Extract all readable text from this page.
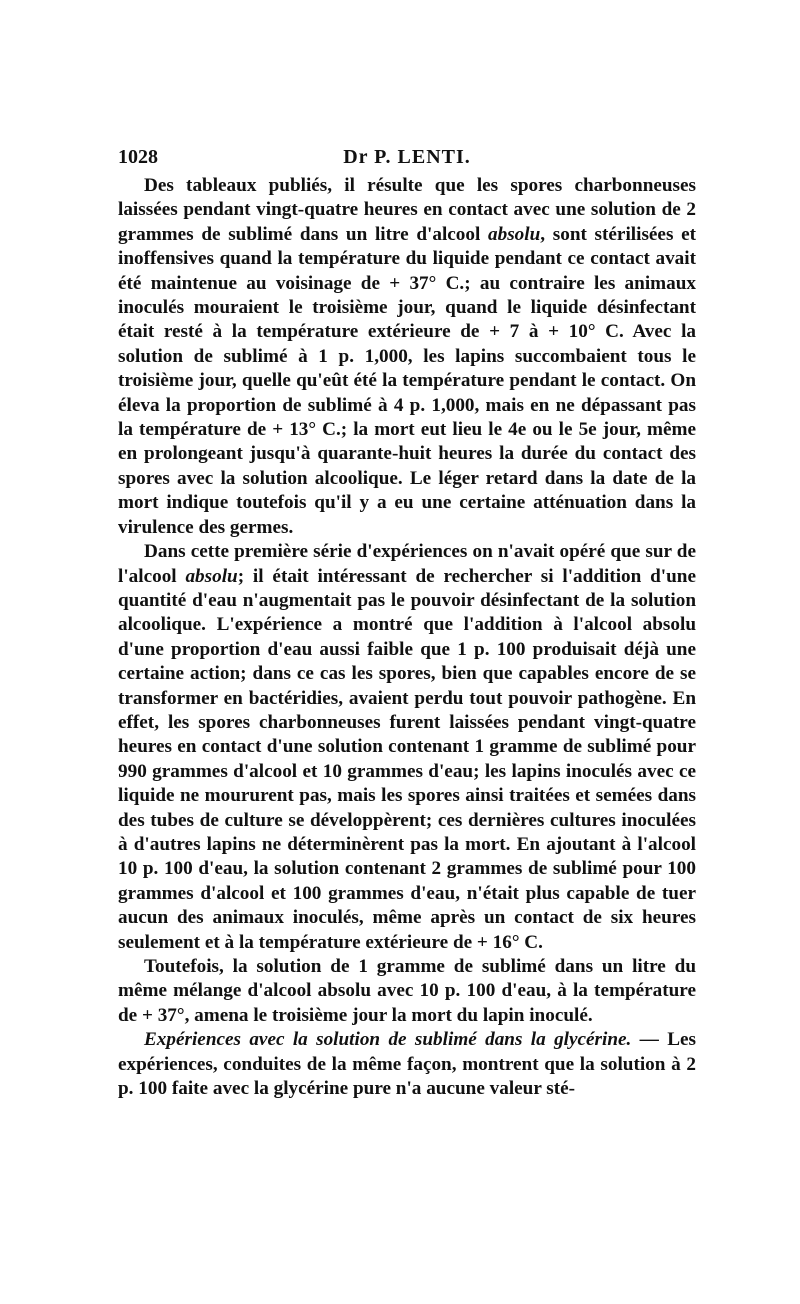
1028	Dr P. LENTI.

Des tableaux publiés, il résulte que les spores charbonneuses laissées pendant vingt-quatre heures en contact avec une solution de 2 grammes de sublimé dans un litre d'alcool absolu, sont stérilisées et inoffensives quand la température du liquide pendant ce contact avait été maintenue au voisinage de + 37° C.; au contraire les animaux inoculés mouraient le troisième jour, quand le liquide désinfectant était resté à la température extérieure de + 7 à + 10° C. Avec la solution de sublimé à 1 p. 1,000, les lapins succombaient tous le troisième jour, quelle qu'eût été la température pendant le contact. On éleva la proportion de sublimé à 4 p. 1,000, mais en ne dépassant pas la température de + 13° C.; la mort eut lieu le 4e ou le 5e jour, même en prolongeant jusqu'à quarante-huit heures la durée du contact des spores avec la solution alcoolique. Le léger retard dans la date de la mort indique toutefois qu'il y a eu une certaine atténuation dans la virulence des germes.

Dans cette première série d'expériences on n'avait opéré que sur de l'alcool absolu; il était intéressant de rechercher si l'addition d'une quantité d'eau n'augmentait pas le pouvoir désinfectant de la solution alcoolique. L'expérience a montré que l'addition à l'alcool absolu d'une proportion d'eau aussi faible que 1 p. 100 produisait déjà une certaine action; dans ce cas les spores, bien que capables encore de se transformer en bactéridies, avaient perdu tout pouvoir pathogène. En effet, les spores charbonneuses furent laissées pendant vingt-quatre heures en contact d'une solution contenant 1 gramme de sublimé pour 990 grammes d'alcool et 10 grammes d'eau; les lapins inoculés avec ce liquide ne moururent pas, mais les spores ainsi traitées et semées dans des tubes de culture se développèrent; ces dernières cultures inoculées à d'autres lapins ne déterminèrent pas la mort. En ajoutant à l'alcool 10 p. 100 d'eau, la solution contenant 2 grammes de sublimé pour 100 grammes d'alcool et 100 grammes d'eau, n'était plus capable de tuer aucun des animaux inoculés, même après un contact de six heures seulement et à la température extérieure de + 16° C.

Toutefois, la solution de 1 gramme de sublimé dans un litre du même mélange d'alcool absolu avec 10 p. 100 d'eau, à la température de + 37°, amena le troisième jour la mort du lapin inoculé.

Expériences avec la solution de sublimé dans la glycérine. — Les expériences, conduites de la même façon, montrent que la solution à 2 p. 100 faite avec la glycérine pure n'a aucune valeur sté-
